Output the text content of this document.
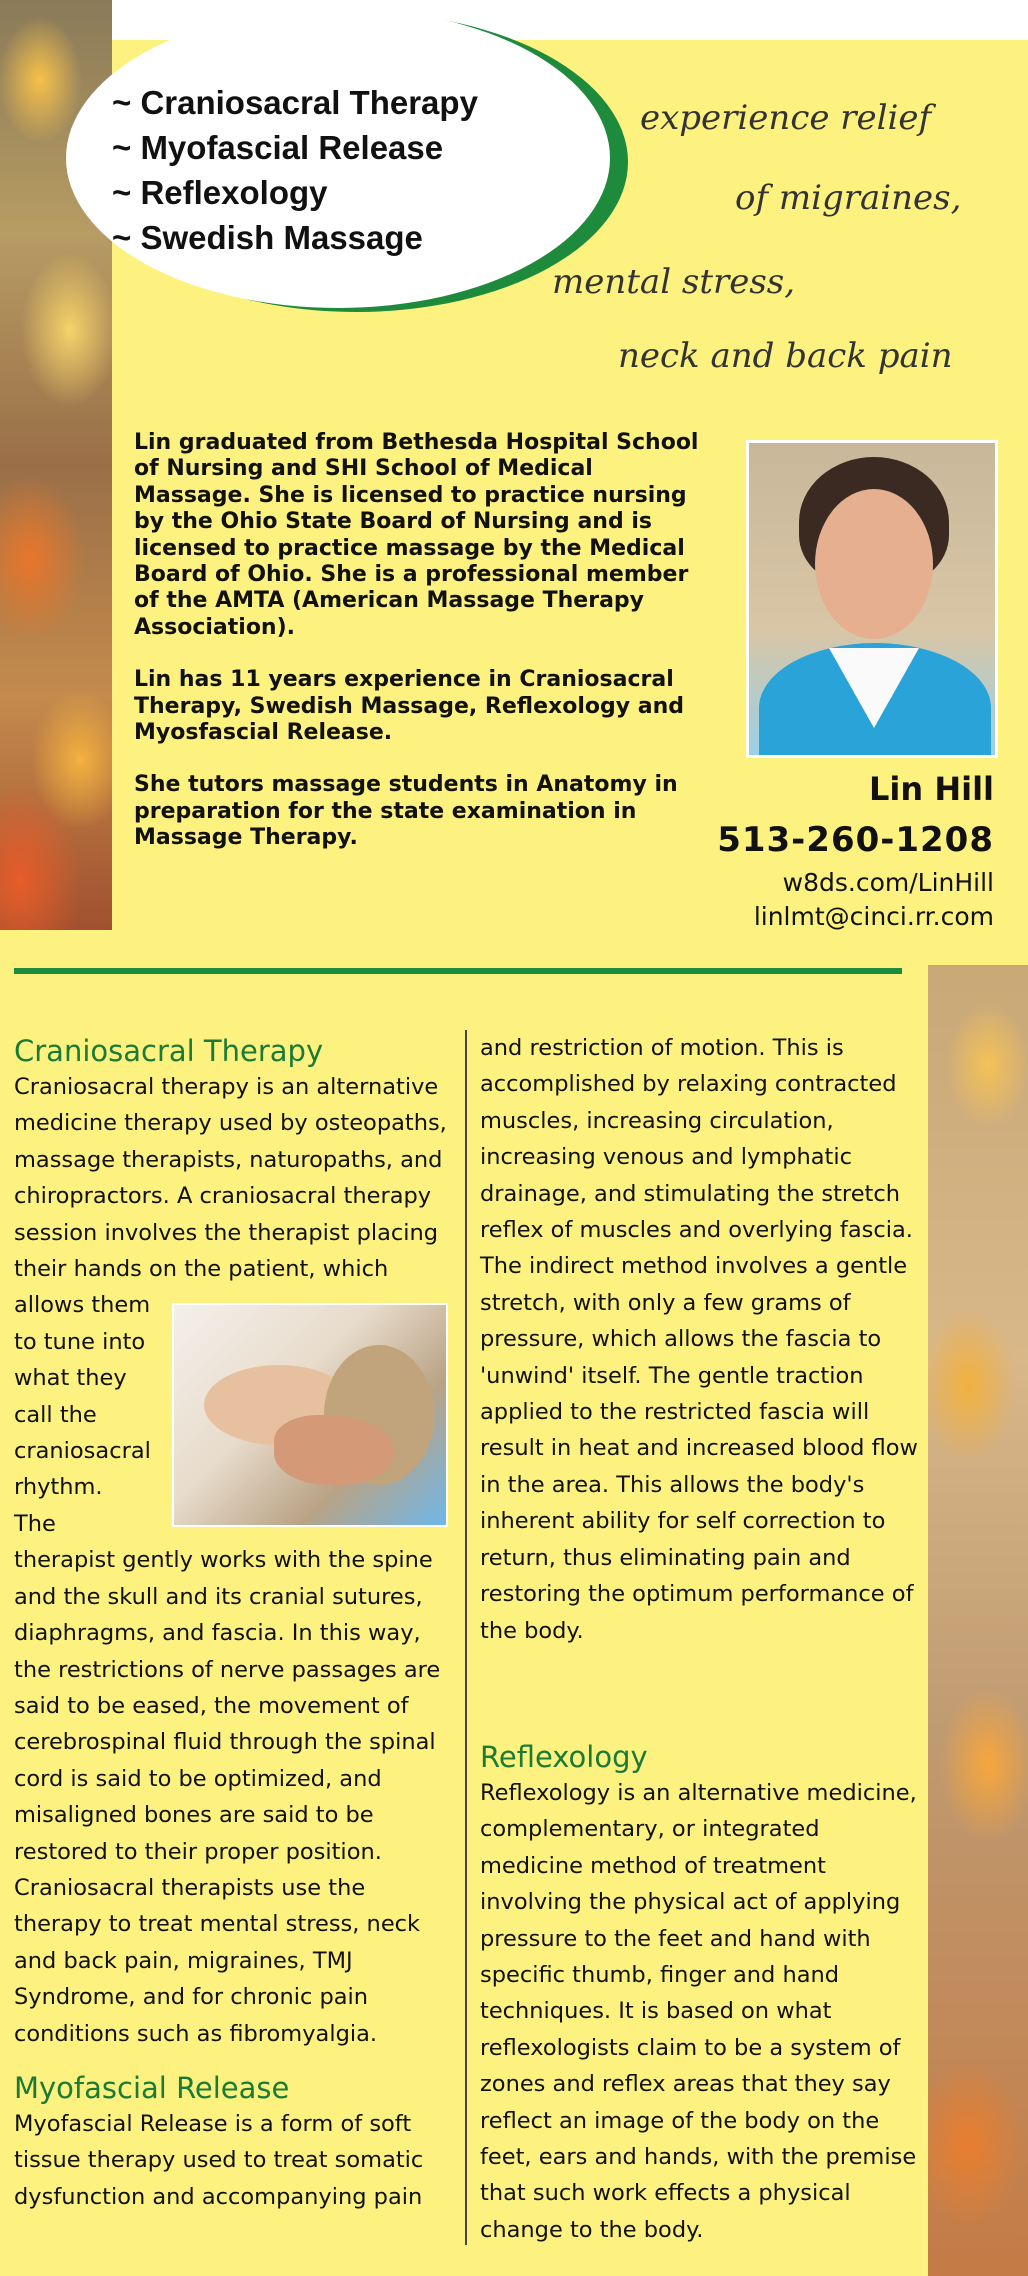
~ Craniosacral Therapy
~ Myofascial Release
~ Reflexology
~ Swedish Massage
experience relief
of migraines,
mental stress,
neck and back pain

Lin graduated from Bethesda Hospital School of Nursing and SHI School of Medical Massage. She is licensed to practice nursing by the Ohio State Board of Nursing and is licensed to practice massage by the Medical Board of Ohio. She is a professional member of the AMTA (American Massage Therapy Association).

Lin has 11 years experience in Craniosacral Therapy, Swedish Massage, Reflexology and Myosfascial Release.

She tutors massage students in Anatomy in preparation for the state examination in Massage Therapy.

Lin Hill
513-260-1208
w8ds.com/LinHill
linlmt@cinci.rr.com
Craniosacral Therapy

Craniosacral therapy is an alternative medicine therapy used by osteopaths, massage therapists, naturopaths, and chiropractors. A craniosacral therapy session involves the therapist placing their hands on the patient, which

allows them
to tune into
what they
call the
craniosacral
rhythm.
The

therapist gently works with the spine and the skull and its cranial sutures, diaphragms, and fascia. In this way, the restrictions of nerve passages are said to be eased, the movement of cerebrospinal fluid through the spinal cord is said to be optimized, and misaligned bones are said to be restored to their proper position. Craniosacral therapists use the therapy to treat mental stress, neck and back pain, migraines, TMJ Syndrome, and for chronic pain conditions such as fibromyalgia.

Myofascial Release

Myofascial Release is a form of soft tissue therapy used to treat somatic dysfunction and accompanying pain

and restriction of motion. This is accomplished by relaxing contracted muscles, increasing circulation, increasing venous and lymphatic drainage, and stimulating the stretch reflex of muscles and overlying fascia. The indirect method involves a gentle stretch, with only a few grams of pressure, which allows the fascia to 'unwind' itself. The gentle traction applied to the restricted fascia will result in heat and increased blood flow in the area. This allows the body's inherent ability for self correction to return, thus eliminating pain and restoring the optimum performance of the body.

Reflexology

Reflexology is an alternative medicine, complementary, or integrated medicine method of treatment involving the physical act of applying pressure to the feet and hand with specific thumb, finger and hand techniques. It is based on what reflexologists claim to be a system of zones and reflex areas that they say reflect an image of the body on the feet, ears and hands, with the premise that such work effects a physical change to the body.
